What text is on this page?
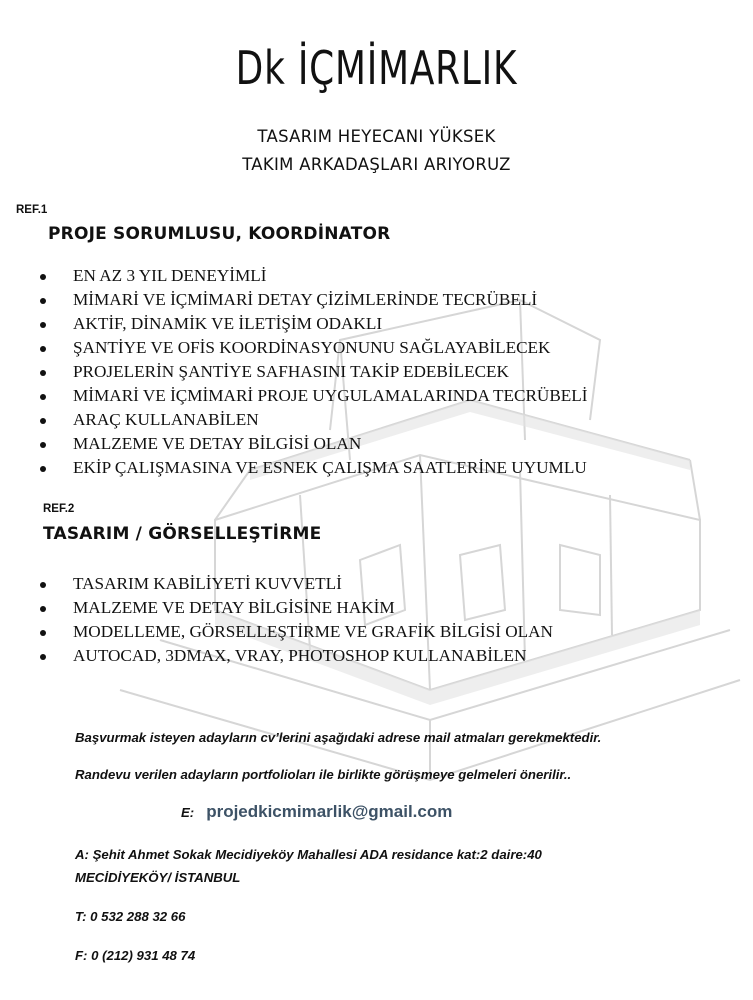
Dk İÇMİMARLIK
TASARIM HEYECANI YÜKSEK
TAKIM ARKADAŞLARI ARIYORUZ
REF.1
PROJE SORUMLUSU, KOORDİNATOR
EN AZ 3 YIL DENEYİMLİ
MİMARİ VE İÇMİMARİ DETAY ÇİZİMLERİNDE TECRÜBELİ
AKTİF, DİNAMİK VE İLETİŞİM ODAKLI
ŞANTİYE VE OFİS KOORDİNASYONUNU SAĞLAYABİLECEK
PROJELERİN ŞANTİYE SAFHASINI TAKİP EDEBİLECEK
MİMARİ VE İÇMİMARİ PROJE UYGULAMALARINDA TECRÜBELİ
ARAÇ KULLANABİLEN
MALZEME VE DETAY BİLGİSİ OLAN
EKİP ÇALIŞMASINA VE ESNEK ÇALIŞMA SAATLERİNE UYUMLU
REF.2
TASARIM / GÖRSELLEŞTİRME
TASARIM KABİLİYETİ KUVVETLİ
MALZEME VE DETAY BİLGİSİNE HAKİM
MODELLEME, GÖRSELLEŞTİRME VE GRAFİK BİLGİSİ OLAN
AUTOCAD, 3DMAX, VRAY, PHOTOSHOP KULLANABİLEN
Başvurmak isteyen adayların cv’lerini aşağıdaki adrese mail atmaları gerekmektedir.
Randevu verilen adayların portfolioları ile birlikte görüşmeye gelmeleri önerilir..
E: projedkicmimarlik@gmail.com
A: Şehit Ahmet Sokak Mecidiyeköy Mahallesi ADA residance kat:2 daire:40
MECİDİYEKÖY/ İSTANBUL
T: 0 532 288 32 66
F: 0 (212) 931 48 74
